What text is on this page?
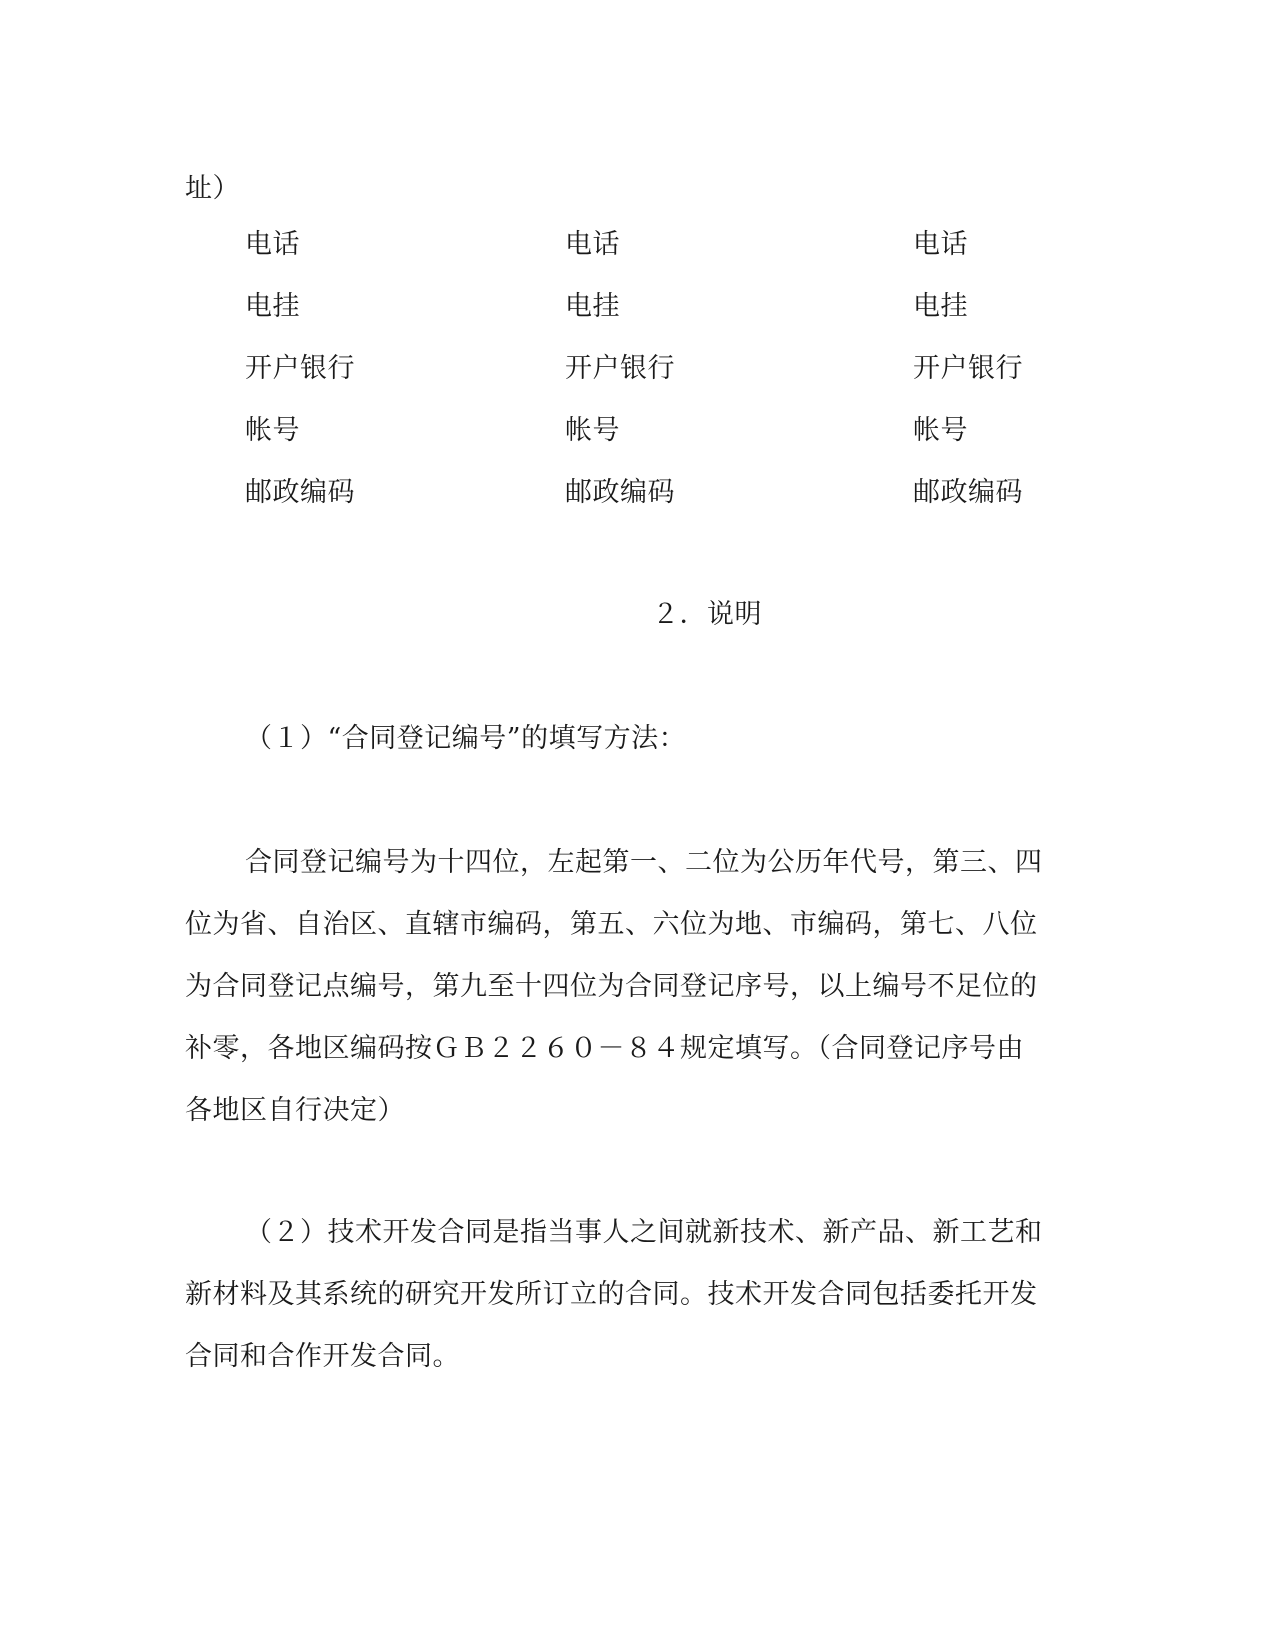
址）
电话	电话	电话
电挂	电挂	电挂
开户银行	开户银行	开户银行
帐号	帐号	帐号
邮政编码	邮政编码	邮政编码
２．说明
（１）“合同登记编号”的填写方法：
合同登记编号为十四位，左起第一、二位为公历年代号，第三、四
位为省、自治区、直辖市编码，第五、六位为地、市编码，第七、八位
为合同登记点编号，第九至十四位为合同登记序号，以上编号不足位的
补零，各地区编码按ＧＢ２２６０－８４规定填写。（合同登记序号由
各地区自行决定）
（２）技术开发合同是指当事人之间就新技术、新产品、新工艺和
新材料及其系统的研究开发所订立的合同。技术开发合同包括委托开发
合同和合作开发合同。
